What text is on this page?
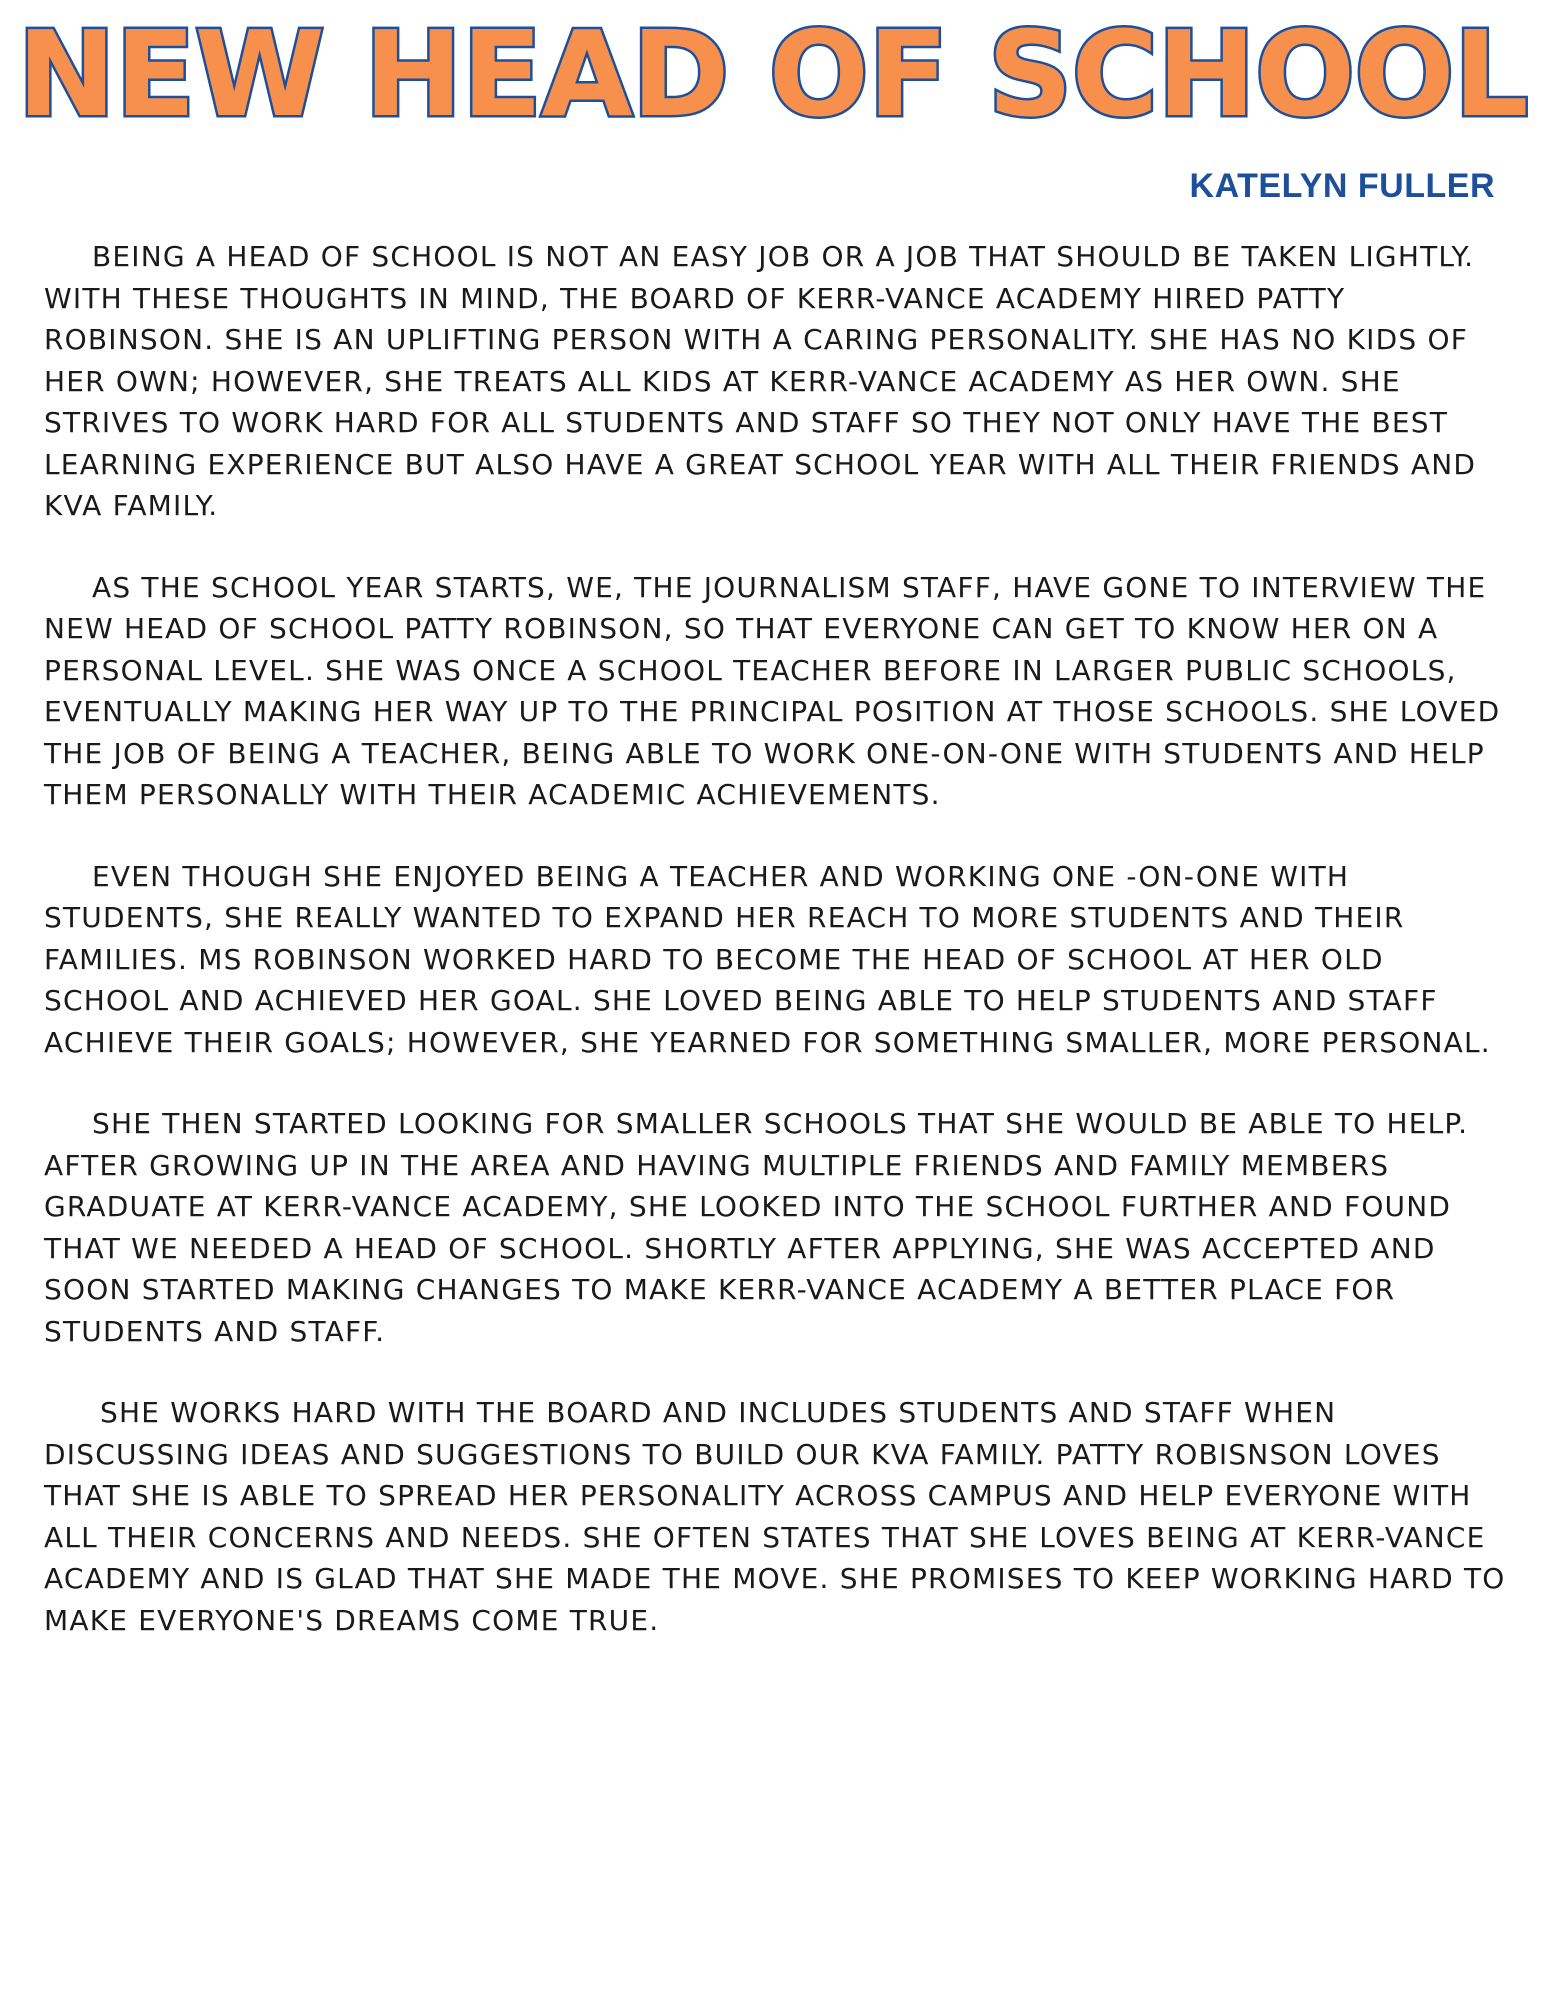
NEW HEAD OF SCHOOL
KATELYN FULLER

BEING A HEAD OF SCHOOL IS NOT AN EASY JOB OR A JOB THAT SHOULD BE TAKEN LIGHTLY. WITH THESE THOUGHTS IN MIND, THE BOARD OF KERR-VANCE ACADEMY HIRED PATTY ROBINSON. SHE IS AN UPLIFTING PERSON WITH A CARING PERSONALITY. SHE HAS NO KIDS OF HER OWN; HOWEVER, SHE TREATS ALL KIDS AT KERR-VANCE ACADEMY AS HER OWN. SHE STRIVES TO WORK HARD FOR ALL STUDENTS AND STAFF SO THEY NOT ONLY HAVE THE BEST LEARNING EXPERIENCE BUT ALSO HAVE A GREAT SCHOOL YEAR WITH ALL THEIR FRIENDS AND KVA FAMILY.

AS THE SCHOOL YEAR STARTS, WE, THE JOURNALISM STAFF, HAVE GONE TO INTERVIEW THE NEW HEAD OF SCHOOL PATTY ROBINSON, SO THAT EVERYONE CAN GET TO KNOW HER ON A PERSONAL LEVEL. SHE WAS ONCE A SCHOOL TEACHER BEFORE IN LARGER PUBLIC SCHOOLS, EVENTUALLY MAKING HER WAY UP TO THE PRINCIPAL POSITION AT THOSE SCHOOLS. SHE LOVED THE JOB OF BEING A TEACHER, BEING ABLE TO WORK ONE-ON-ONE WITH STUDENTS AND HELP THEM PERSONALLY WITH THEIR ACADEMIC ACHIEVEMENTS.

EVEN THOUGH SHE ENJOYED BEING A TEACHER AND WORKING ONE -ON-ONE WITH STUDENTS, SHE REALLY WANTED TO EXPAND HER REACH TO MORE STUDENTS AND THEIR FAMILIES. MS ROBINSON WORKED HARD TO BECOME THE HEAD OF SCHOOL AT HER OLD SCHOOL AND ACHIEVED HER GOAL. SHE LOVED BEING ABLE TO HELP STUDENTS AND STAFF ACHIEVE THEIR GOALS; HOWEVER, SHE YEARNED FOR SOMETHING SMALLER, MORE PERSONAL.

SHE THEN STARTED LOOKING FOR SMALLER SCHOOLS THAT SHE WOULD BE ABLE TO HELP. AFTER GROWING UP IN THE AREA AND HAVING MULTIPLE FRIENDS AND FAMILY MEMBERS GRADUATE AT KERR-VANCE ACADEMY, SHE LOOKED INTO THE SCHOOL FURTHER AND FOUND THAT WE NEEDED A HEAD OF SCHOOL. SHORTLY AFTER APPLYING, SHE WAS ACCEPTED AND SOON STARTED MAKING CHANGES TO MAKE KERR-VANCE ACADEMY A BETTER PLACE FOR STUDENTS AND STAFF.

SHE WORKS HARD WITH THE BOARD AND INCLUDES STUDENTS AND STAFF WHEN DISCUSSING IDEAS AND SUGGESTIONS TO BUILD OUR KVA FAMILY. PATTY ROBISNSON LOVES THAT SHE IS ABLE TO SPREAD HER PERSONALITY ACROSS CAMPUS AND HELP EVERYONE WITH ALL THEIR CONCERNS AND NEEDS. SHE OFTEN STATES THAT SHE LOVES BEING AT KERR-VANCE ACADEMY AND IS GLAD THAT SHE MADE THE MOVE. SHE PROMISES TO KEEP WORKING HARD TO MAKE EVERYONE'S DREAMS COME TRUE.
